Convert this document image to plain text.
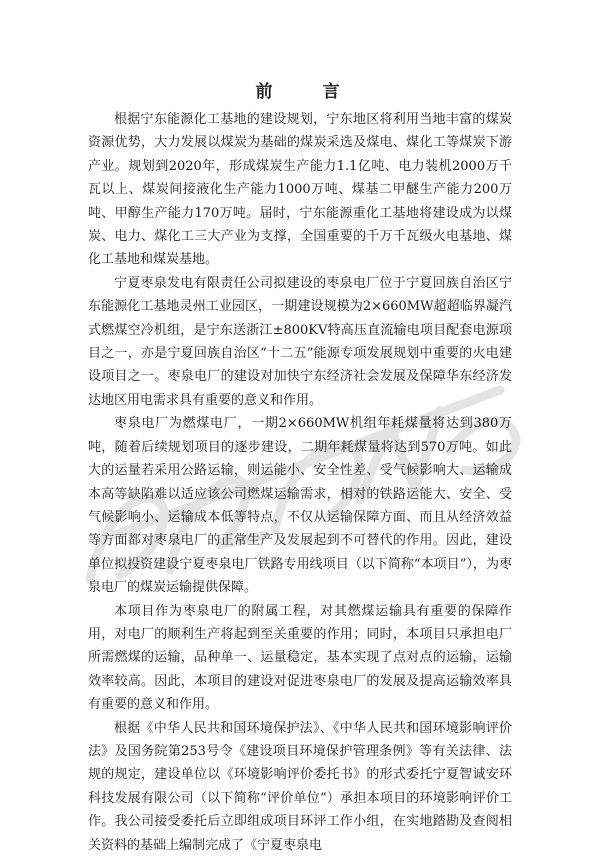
前 言

根据宁东能源化工基地的建设规划，宁东地区将利用当地丰富的煤炭资源优势，大力发展以煤炭为基础的煤炭采选及煤电、煤化工等煤炭下游产业。规划到2020年，形成煤炭生产能力1.1亿吨、电力装机2000万千瓦以上、煤炭间接液化生产能力1000万吨、煤基二甲醚生产能力200万吨、甲醇生产能力170万吨。届时，宁东能源重化工基地将建设成为以煤炭、电力、煤化工三大产业为支撑，全国重要的千万千瓦级火电基地、煤化工基地和煤炭基地。

宁夏枣泉发电有限责任公司拟建设的枣泉电厂位于宁夏回族自治区宁东能源化工基地灵州工业园区，一期建设规模为2×660MW超超临界凝汽式燃煤空冷机组，是宁东送浙江±800KV特高压直流输电项目配套电源项目之一，亦是宁夏回族自治区“十二五”能源专项发展规划中重要的火电建设项目之一。枣泉电厂的建设对加快宁东经济社会发展及保障华东经济发达地区用电需求具有重要的意义和作用。

枣泉电厂为燃煤电厂，一期2×660MW机组年耗煤量将达到380万吨，随着后续规划项目的逐步建设，二期年耗煤量将达到570万吨。如此大的运量若采用公路运输，则运能小、安全性差、受气候影响大、运输成本高等缺陷难以适应该公司燃煤运输需求，相对的铁路运能大、安全、受气候影响小、运输成本低等特点，不仅从运输保障方面、而且从经济效益等方面都对枣泉电厂的正常生产及发展起到不可替代的作用。因此，建设单位拟投资建设宁夏枣泉电厂铁路专用线项目（以下简称“本项目”），为枣泉电厂的煤炭运输提供保障。

本项目作为枣泉电厂的附属工程，对其燃煤运输具有重要的保障作用，对电厂的顺利生产将起到至关重要的作用；同时，本项目只承担电厂所需燃煤的运输，品种单一、运量稳定，基本实现了点对点的运输，运输效率较高。因此，本项目的建设对促进枣泉电厂的发展及提高运输效率具有重要的意义和作用。

根据《中华人民共和国环境保护法》、《中华人民共和国环境影响评价法》及国务院第253号令《建设项目环境保护管理条例》等有关法律、法规的规定，建设单位以《环境影响评价委托书》的形式委托宁夏智诚安环科技发展有限公司（以下简称“评价单位”）承担本项目的环境影响评价工作。我公司接受委托后立即组成项目环评工作小组，在实地踏勘及查阅相关资料的基础上编制完成了《宁夏枣泉电
